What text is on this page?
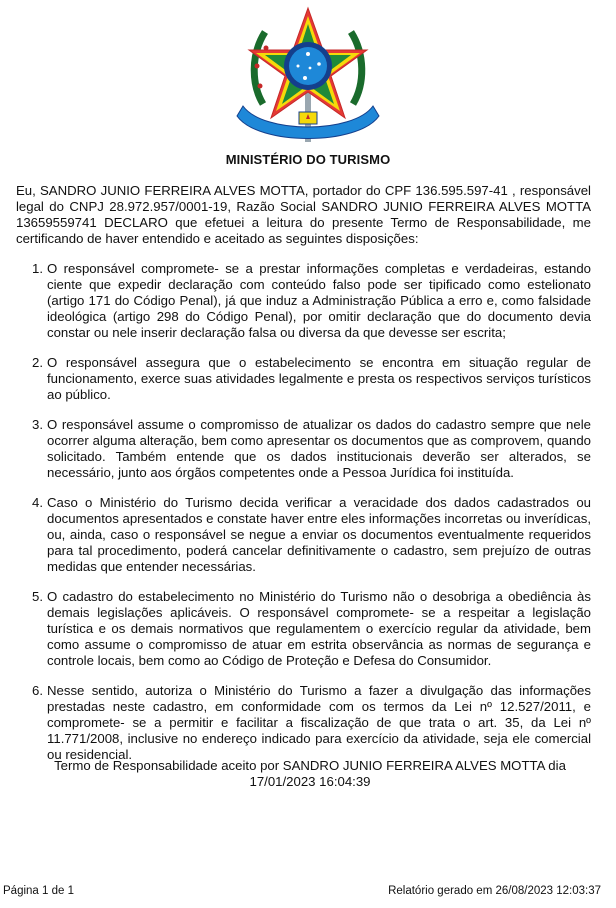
MINISTÉRIO DO TURISMO

Eu, SANDRO JUNIO FERREIRA ALVES MOTTA, portador do CPF 136.595.597-41 , responsável legal do CNPJ 28.972.957/0001-19, Razão Social SANDRO JUNIO FERREIRA ALVES MOTTA 13659559741 DECLARO que efetuei a leitura do presente Termo de Responsabilidade, me certificando de haver entendido e aceitado as seguintes disposições:

1. O responsável compromete- se a prestar informações completas e verdadeiras, estando ciente que expedir declaração com conteúdo falso pode ser tipificado como estelionato (artigo 171 do Código Penal), já que induz a Administração Pública a erro e, como falsidade ideológica (artigo 298 do Código Penal), por omitir declaração que do documento devia constar ou nele inserir declaração falsa ou diversa da que devesse ser escrita;
2. O responsável assegura que o estabelecimento se encontra em situação regular de funcionamento, exerce suas atividades legalmente e presta os respectivos serviços turísticos ao público.
3. O responsável assume o compromisso de atualizar os dados do cadastro sempre que nele ocorrer alguma alteração, bem como apresentar os documentos que as comprovem, quando solicitado. Também entende que os dados institucionais deverão ser alterados, se necessário, junto aos órgãos competentes onde a Pessoa Jurídica foi instituída.
4. Caso o Ministério do Turismo decida verificar a veracidade dos dados cadastrados ou documentos apresentados e constate haver entre eles informações incorretas ou inverídicas, ou, ainda, caso o responsável se negue a enviar os documentos eventualmente requeridos para tal procedimento, poderá cancelar definitivamente o cadastro, sem prejuízo de outras medidas que entender necessárias.
5. O cadastro do estabelecimento no Ministério do Turismo não o desobriga a obediência às demais legislações aplicáveis. O responsável compromete- se a respeitar a legislação turística e os demais normativos que regulamentem o exercício regular da atividade, bem como assume o compromisso de atuar em estrita observância as normas de segurança e controle locais, bem como ao Código de Proteção e Defesa do Consumidor.
6. Nesse sentido, autoriza o Ministério do Turismo a fazer a divulgação das informações prestadas neste cadastro, em conformidade com os termos da Lei nº 12.527/2011, e compromete- se a permitir e facilitar a fiscalização de que trata o art. 35, da Lei nº 11.771/2008, inclusive no endereço indicado para exercício da atividade, seja ele comercial ou residencial.
Termo de Responsabilidade aceito por SANDRO JUNIO FERREIRA ALVES MOTTA dia
17/01/2023 16:04:39
Página 1 de 1	Relatório gerado em 26/08/2023 12:03:37
